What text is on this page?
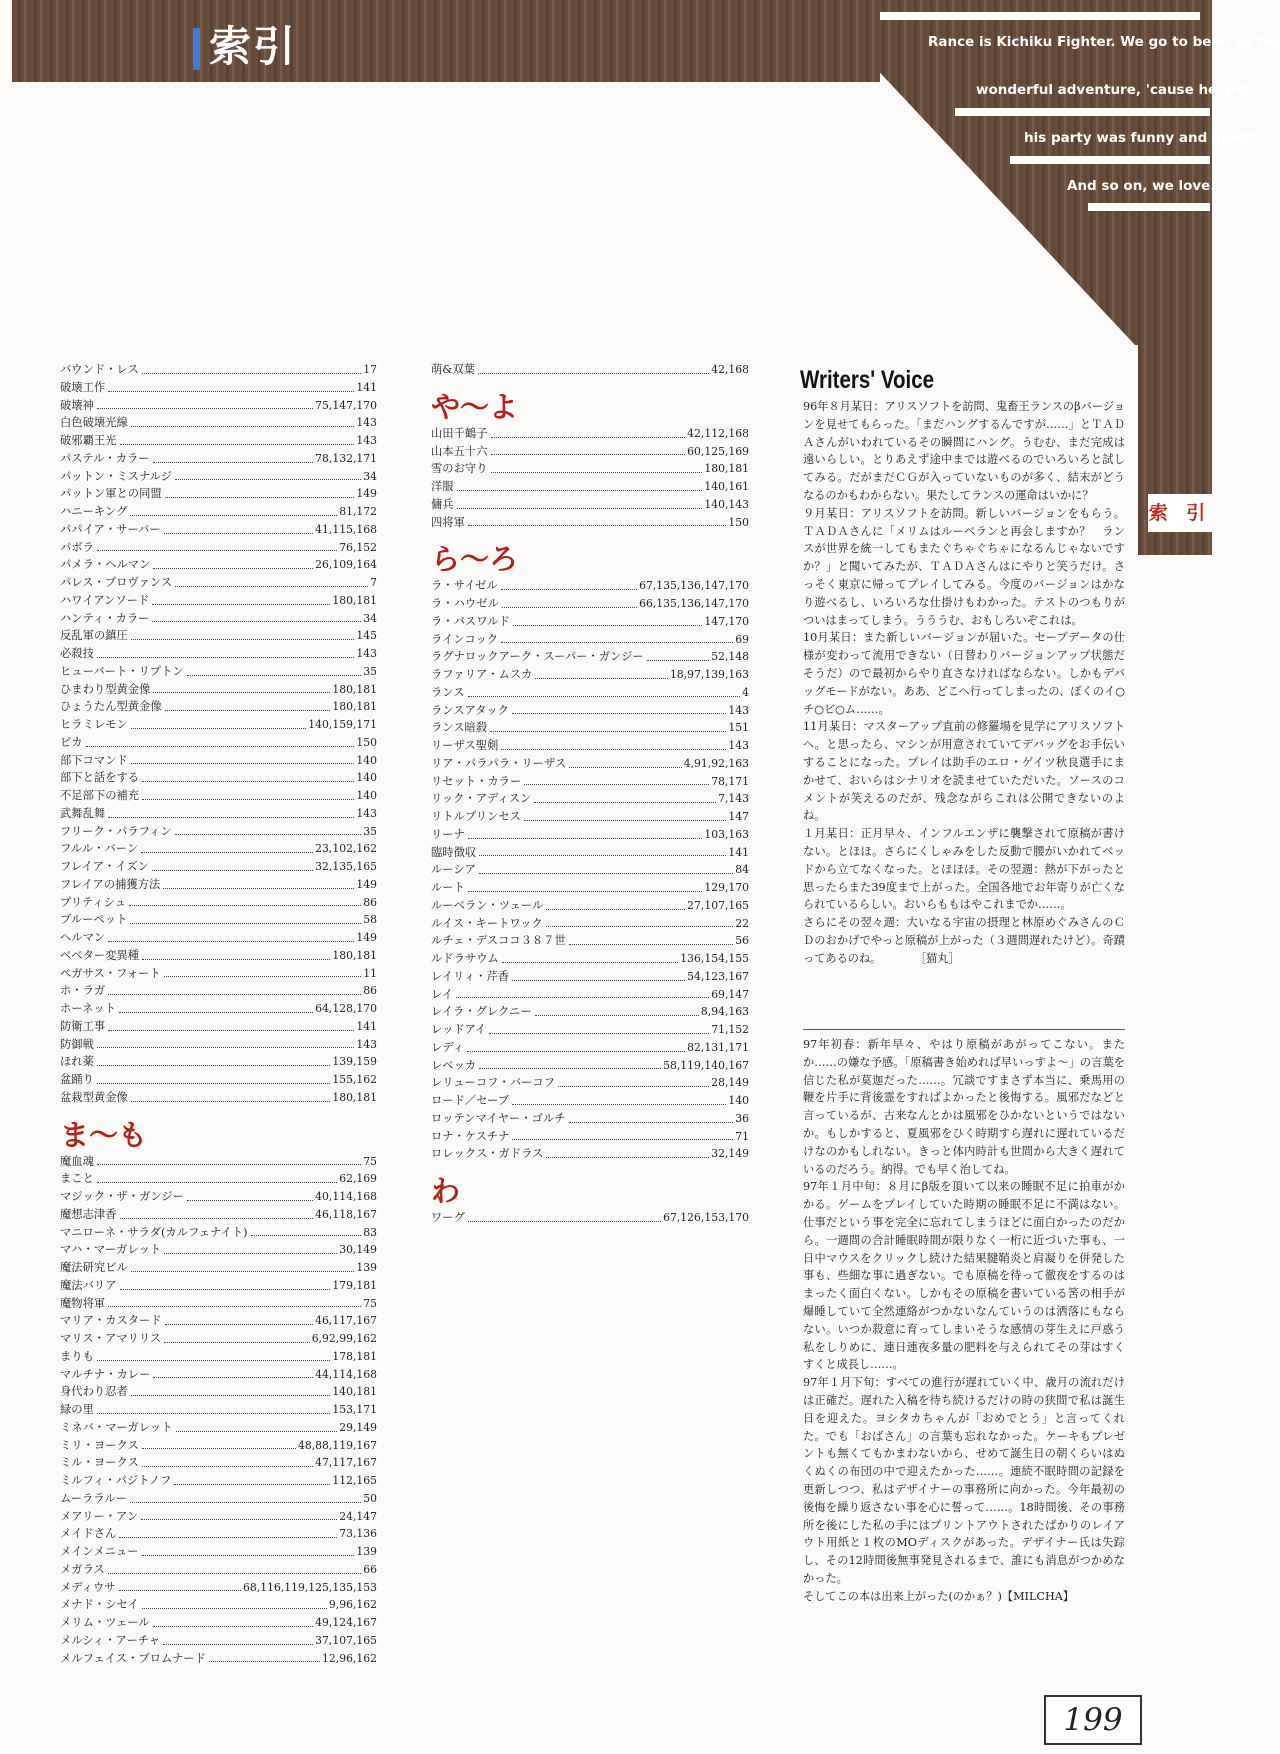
索引	Rance is Kichiku Fighter. We go to been by his
wonderful adventure, 'cause he and
his party was funny and good!
And so on, we love...
索 引
バウンド・レス	17
破壊工作	141
破壊神	75,147,170
白色破壊光線	143
破邪覇王光	143
パステル・カラー	78,132,171
パットン・ミスナルジ	34
パットン軍との同盟	149
ハニーキング	81,172
パパイア・サーバー	41,115,168
パボラ	76,152
パメラ・ヘルマン	26,109,164
パレス・プロヴァンス	7
ハワイアンソード	180,181
ハンティ・カラー	34
反乱軍の鎮圧	145
必殺技	143
ヒューバート・リプトン	35
ひまわり型黄金像	180,181
ひょうたん型黄金像	180,181
ヒラミレモン	140,159,171
ピカ	150
部下コマンド	140
部下と話をする	140
不足部下の補充	140
武舞乱舞	143
フリーク・パラフィン	35
フルル・バーン	23,102,162
フレイア・イズン	32,135,165
フレイアの捕獲方法	149
プリティシュ	86
ブルーペット	58
ヘルマン	149
ベベター変異種	180,181
ペガサス・フォート	11
ホ・ラガ	86
ホーネット	64,128,170
防衛工事	141
防御戦	143
ほれ薬	139,159
盆踊り	155,162
盆栽型黄金像	180,181
ま〜も
魔血魂	75
まこと	62,169
マジック・ザ・ガンジー	40,114,168
魔想志津香	46,118,167
マニローネ・サラダ(カルフェナイト)	83
マハ・マーガレット	30,149
魔法研究ビル	139
魔法バリア	179,181
魔物将軍	75
マリア・カスタード	46,117,167
マリス・アマリリス	6,92,99,162
まりも	178,181
マルチナ・カレー	44,114,168
身代わり忍者	140,181
緑の里	153,171
ミネバ・マーガレット	29,149
ミリ・ヨークス	48,88,119,167
ミル・ヨークス	47,117,167
ミルフィ・パジトノフ	112,165
ムーララルー	50
メアリー・アン	24,147
メイドさん	73,136
メインメニュー	139
メガラス	66
メディウサ	68,116,119,125,135,153
メナド・シセイ	9,96,162
メリム・ツェール	49,124,167
メルシィ・アーチャ	37,107,165
メルフェイス・プロムナード	12,96,162
萌&双葉	42,168
や〜よ
山田千鶴子	42,112,168
山本五十六	60,125,169
雪のお守り	180,181
洋服	140,161
傭兵	140,143
四将軍	150
ら〜ろ
ラ・サイゼル	67,135,136,147,170
ラ・ハウゼル	66,135,136,147,170
ラ・バスワルド	147,170
ラインコック	69
ラグナロックアーク・スーパー・ガンジー	52,148
ラファリア・ムスカ	18,97,139,163
ランス	4
ランスアタック	143
ランス暗殺	151
リーザス聖剣	143
リア・パラパラ・リーザス	4,91,92,163
リセット・カラー	78,171
リック・アディスン	7,143
リトルプリンセス	147
リーナ	103,163
臨時徴収	141
ルーシア	84
ルート	129,170
ルーベラン・ツェール	27,107,165
ルイス・キートワック	22
ルチェ・デスココ３８７世	56
ルドラサウム	136,154,155
レイリィ・芹香	54,123,167
レイ	69,147
レイラ・グレクニー	8,94,163
レッドアイ	71,152
レディ	82,131,171
レベッカ	58,119,140,167
レリューコフ・バーコフ	28,149
ロード／セーブ	140
ロッテンマイヤー・ゴルチ	36
ロナ・ケスチナ	71
ロレックス・ガドラス	32,149
わ
ワーグ	67,126,153,170
Writers' Voice

96年８月某日：アリスソフトを訪問、鬼畜王ランスのβバージョンを見せてもらった。「まだハングするんですが……」とＴＡＤＡさんがいわれているその瞬間にハング。うむむ、まだ完成は遠いらしい。とりあえず途中までは遊べるのでいろいろと試してみる。だがまだＣＧが入っていないものが多く、結末がどうなるのかもわからない。果たしてランスの運命はいかに？

９月某日：アリスソフトを訪問。新しいバージョンをもらう。ＴＡＤＡさんに「メリムはルーベランと再会しますか？　ランスが世界を統一してもまたぐちゃぐちゃになるんじゃないですか？」と聞いてみたが、ＴＡＤＡさんはにやりと笑うだけ。さっそく東京に帰ってプレイしてみる。今度のバージョンはかなり遊べるし、いろいろな仕掛けもわかった。テストのつもりがついはまってしまう。うううむ、おもしろいぞこれは。

10月某日：また新しいバージョンが届いた。セーブデータの仕様が変わって流用できない（日替わりバージョンアップ状態だそうだ）ので最初からやり直さなければならない。しかもデバッグモードがない。ああ、どこへ行ってしまったの、ぼくのイ○チ○ビ○ム……。

11月某日：マスターアップ直前の修羅場を見学にアリスソフトへ。と思ったら、マシンが用意されていてデバッグをお手伝いすることになった。プレイは助手のエロ・ゲイツ秋良選手にまかせて、おいらはシナリオを読ませていただいた。ソースのコメントが笑えるのだが、残念ながらこれは公開できないのよね。

１月某日：正月早々、インフルエンザに襲撃されて原稿が書けない。とほほ。さらにくしゃみをした反動で腰がいかれてベッドから立てなくなった。とほほほ。その翌週：熱が下がったと思ったらまた39度まで上がった。全国各地でお年寄りが亡くなられているらしい。おいらももはやこれまでか……。

さらにその翌々週：大いなる宇宙の摂理と林原めぐみさんのＣＤのおかげでやっと原稿が上がった（３週間遅れたけど）。奇蹟ってあるのね。　　　　［猫丸］

97年初春：新年早々、やはり原稿があがってこない。またか……の嫌な予感。「原稿書き始めれば早いっすよ〜」の言葉を信じた私が莫迦だった……。冗談ですまさず本当に、乗馬用の鞭を片手に背後霊をすればよかったと後悔する。風邪だなどと言っているが、古来なんとかは風邪をひかないというではないか。もしかすると、夏風邪をひく時期すら遅れに遅れているだけなのかもしれない。きっと体内時計も世間から大きく遅れているのだろう。納得。でも早く治してね。

97年１月中旬：８月にβ版を頂いて以来の睡眠不足に拍車がかかる。ゲームをプレイしていた時期の睡眠不足に不満はない。仕事だという事を完全に忘れてしまうほどに面白かったのだから。一週間の合計睡眠時間が限りなく一桁に近づいた事も、一日中マウスをクリックし続けた結果腱鞘炎と肩凝りを併発した事も、些細な事に過ぎない。でも原稿を待って徹夜をするのはまったく面白くない。しかもその原稿を書いている筈の相手が爆睡していて全然連絡がつかないなんていうのは洒落にもならない。いつか殺意に育ってしまいそうな感情の芽生えに戸惑う私をしりめに、連日連夜多量の肥料を与えられてその芽はすくすくと成長し……。

97年１月下旬：すべての進行が遅れていく中、歳月の流れだけは正確だ。遅れた入稿を待ち続けるだけの時の狭間で私は誕生日を迎えた。ヨシタカちゃんが「おめでとう」と言ってくれた。でも「おばさん」の言葉も忘れなかった。ケーキもプレゼントも無くてもかまわないから、せめて誕生日の朝くらいはぬくぬくの布団の中で迎えたかった……。連続不眠時間の記録を更新しつつ、私はデザイナーの事務所に向かった。今年最初の後悔を繰り返さない事を心に誓って……。18時間後、その事務所を後にした私の手にはプリントアウトされたばかりのレイアウト用紙と１枚のMOディスクがあった。デザイナー氏は失踪し、その12時間後無事発見されるまで、誰にも消息がつかめなかった。

そしてこの本は出来上がった(のかぁ？)【MILCHA】

199
